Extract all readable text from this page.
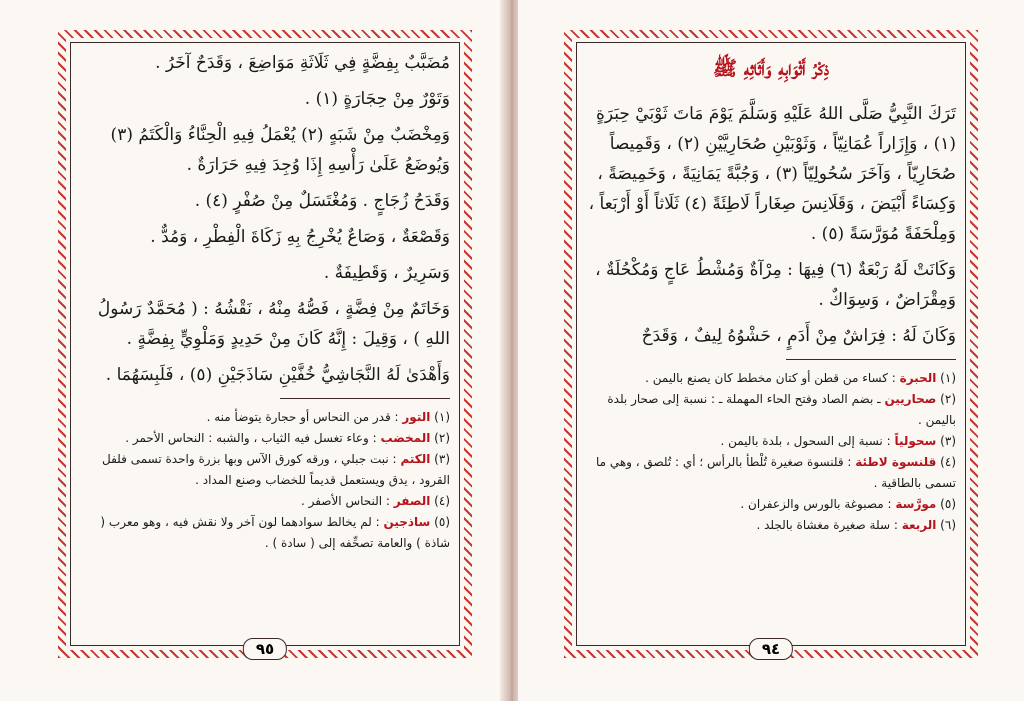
مُضَبَّبٌ بِفِضَّةٍ فِي ثَلَاثَةِ مَوَاضِعَ ، وَقَدَحٌ آخَرُ .

وَتَوْرٌ مِنْ حِجَارَةٍ (١) .

وَمِخْضَبٌ مِنْ شَبَهٍ (٢) يُعْمَلُ فِيهِ الْحِنَّاءُ وَالْكَتَمُ (٣) وَيُوضَعُ عَلَىٰ رَأْسِهِ إِذَا وُجِدَ فِيهِ حَرَارَةٌ .

وَقَدَحُ زُجَاجٍ . وَمُغْتَسَلٌ مِنْ صُفْرٍ (٤) .

وَقَصْعَةٌ ، وَصَاعٌ يُخْرِجُ بِهِ زَكَاةَ الْفِطْرِ ، وَمُدٌّ .

وَسَرِيرٌ ، وَقَطِيفَةٌ .

وَخَاتَمٌ مِنْ فِضَّةٍ ، فَصُّهُ مِنْهُ ، نَقْشُهُ : ( مُحَمَّدٌ رَسُولُ اللهِ ) ، وَقِيلَ : إِنَّهُ كَانَ مِنْ حَدِيدٍ وَمَلْوِيٍّ بِفِضَّةٍ .

وَأَهْدَىٰ لَهُ النَّجَاشِيُّ خُفَّيْنِ سَاذَجَيْنِ (٥) ، فَلَبِسَهُمَا .

(١) التور : قدر من النحاس أو حجارة يتوضأ منه .

(٢) المخضب : وعاء تغسل فيه الثياب ، والشبه : النحاس الأحمر .

(٣) الكتم : نبت جبلي ، ورقه كورق الآس وبها بزرة واحدة تسمى فلفل القرود ، يدق ويستعمل قديماً للخضاب وصنع المداد .

(٤) الصفر : النحاس الأصفر .

(٥) ساذجين : لم يخالط سوادهما لون آخر ولا نقش فيه ، وهو معرب ( شاذة ) والعامة تصحِّفه إلى ( سادة ) .

٩٥
ذِكْرُ أَثْوَابِهِ وَأَثَاثِهِ ﷺ

تَرَكَ النَّبِيُّ صَلَّى اللهُ عَلَيْهِ وَسَلَّمَ يَوْمَ مَاتَ ثَوْبَيْ حِبَرَةٍ (١) ، وَإِزَاراً عُمَانِيّاً ، وَثَوْبَيْنِ صُحَارِيَّيْنِ (٢) ، وَقَمِيصاً صُحَارِيّاً ، وَآخَرَ سُحُولِيّاً (٣) ، وَجُبَّةً يَمَانِيَةً ، وَخَمِيصَةً ، وَكِسَاءً أَبْيَضَ ، وَقَلَانِسَ صِغَاراً لَاطِئَةً (٤) ثَلَاثاً أَوْ أَرْبَعاً ، وَمِلْحَفَةً مُوَرَّسَةً (٥) .

وَكَانَتْ لَهُ رَبْعَةٌ (٦) فِيهَا : مِرْآةٌ وَمُشْطُ عَاجٍ وَمُكْحُلَةٌ ، وَمِقْرَاضٌ ، وَسِوَاكٌ .

وَكَانَ لَهُ : فِرَاشٌ مِنْ أَدَمٍ ، حَشْوُهُ لِيفٌ ، وَقَدَحٌ

(١) الحبرة : كساء من قطن أو كتان مخطط كان يصنع باليمن .

(٢) صحاريين ـ بضم الصاد وفتح الحاء المهملة ـ : نسبة إلى صحار بلدة باليمن .

(٣) سحولياً : نسبة إلى السحول ، بلدة باليمن .

(٤) قلنسوة لاطئة : قلنسوة صغيرة تُلْطأ بالرأس ؛ أي : تُلصق ، وهي ما تسمى بالطاقية .

(٥) مورَّسة : مصبوغة بالورس والزعفران .

(٦) الربعة : سلة صغيرة مغشاة بالجلد .

٩٤
